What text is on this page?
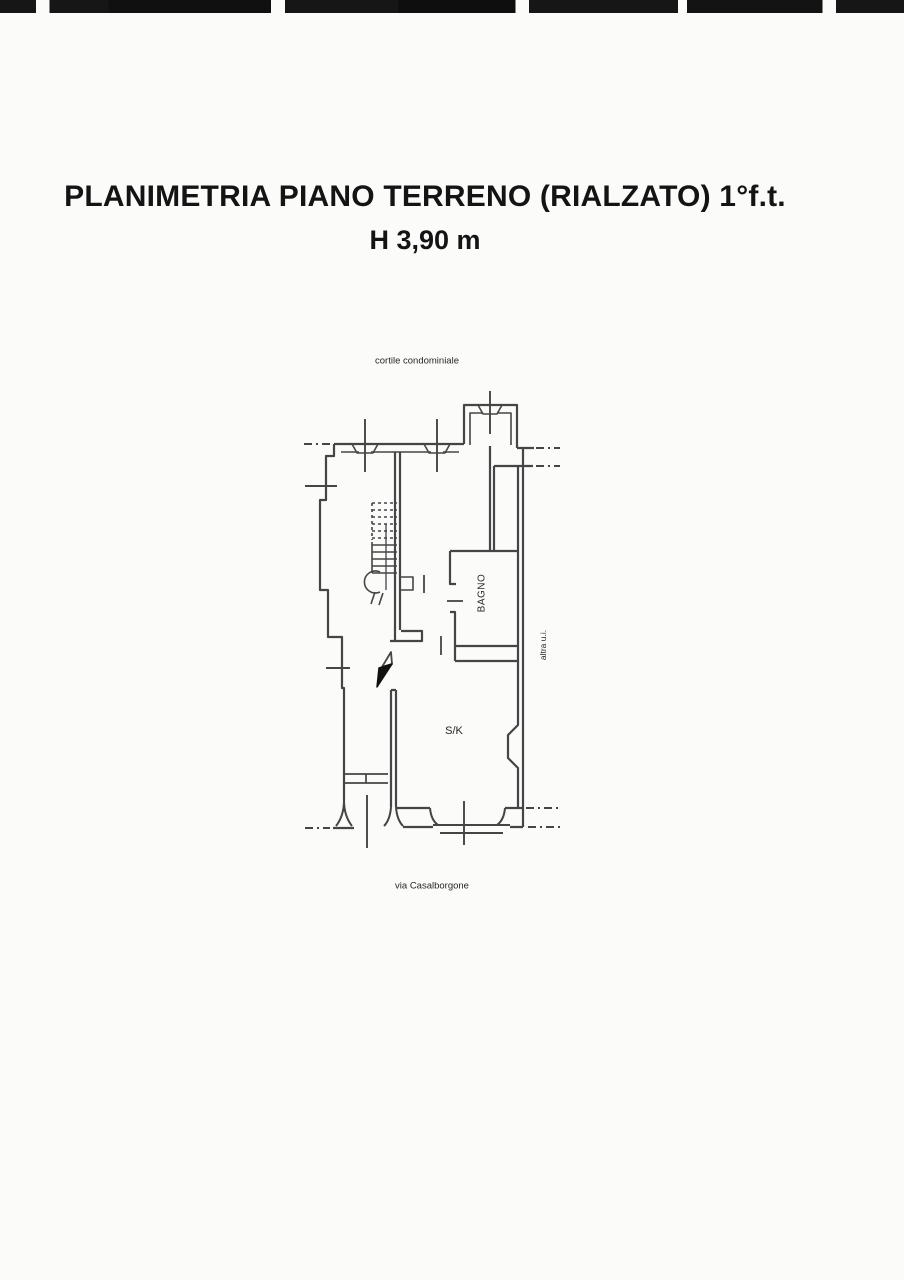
PLANIMETRIA PIANO TERRENO (RIALZATO) 1°f.t.
H 3,90 m
cortile condominiale
BAGNO
S/K
altra u.i.
via Casalborgone
